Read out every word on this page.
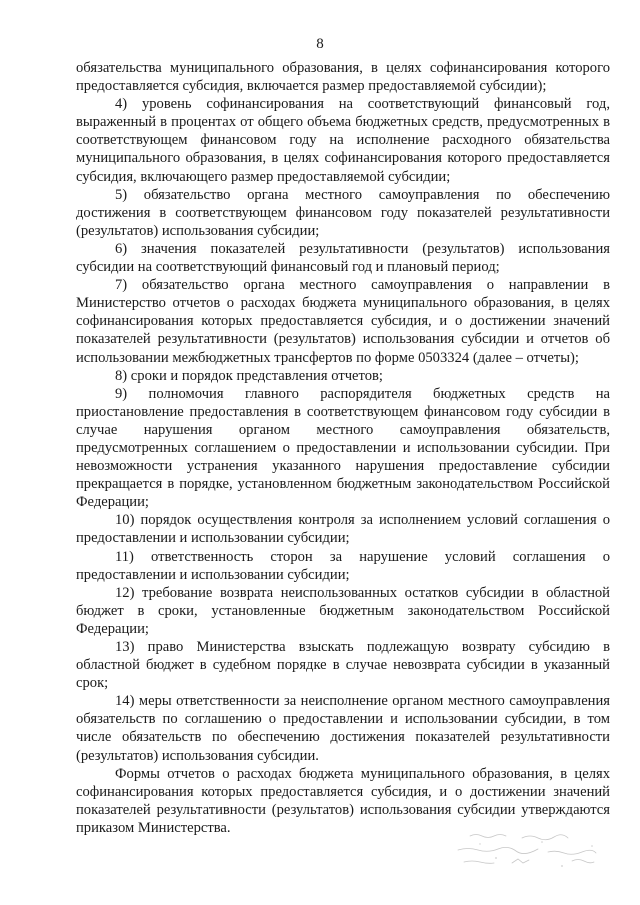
8

обязательства муниципального образования, в целях софинансирования которого предоставляется субсидия, включается размер предоставляемой субсидии);

4) уровень софинансирования на соответствующий финансовый год, выраженный в процентах от общего объема бюджетных средств, предусмотренных в соответствующем финансовом году на исполнение расходного обязательства муниципального образования, в целях софинансирования которого предоставляется субсидия, включающего размер предоставляемой субсидии;

5) обязательство органа местного самоуправления по обеспечению достижения в соответствующем финансовом году показателей результативности (результатов) использования субсидии;

6) значения показателей результативности (результатов) использования субсидии на соответствующий финансовый год и плановый период;

7) обязательство органа местного самоуправления о направлении в Министерство отчетов о расходах бюджета муниципального образования, в целях софинансирования которых предоставляется субсидия, и о достижении значений показателей результативности (результатов) использования субсидии и отчетов об использовании межбюджетных трансфертов по форме 0503324 (далее – отчеты);

8) сроки и порядок представления отчетов;

9) полномочия главного распорядителя бюджетных средств на приостановление предоставления в соответствующем финансовом году субсидии в случае нарушения органом местного самоуправления обязательств, предусмотренных соглашением о предоставлении и использовании субсидии. При невозможности устранения указанного нарушения предоставление субсидии прекращается в порядке, установленном бюджетным законодательством Российской Федерации;

10) порядок осуществления контроля за исполнением условий соглашения о предоставлении и использовании субсидии;

11) ответственность сторон за нарушение условий соглашения о предоставлении и использовании субсидии;

12) требование возврата неиспользованных остатков субсидии в областной бюджет в сроки, установленные бюджетным законодательством Российской Федерации;

13) право Министерства взыскать подлежащую возврату субсидию в областной бюджет в судебном порядке в случае невозврата субсидии в указанный срок;

14) меры ответственности за неисполнение органом местного самоуправления обязательств по соглашению о предоставлении и использовании субсидии, в том числе обязательств по обеспечению достижения показателей результативности (результатов) использования субсидии.

Формы отчетов о расходах бюджета муниципального образования, в целях софинансирования которых предоставляется субсидия, и о достижении значений показателей результативности (результатов) использования субсидии утверждаются приказом Министерства.
